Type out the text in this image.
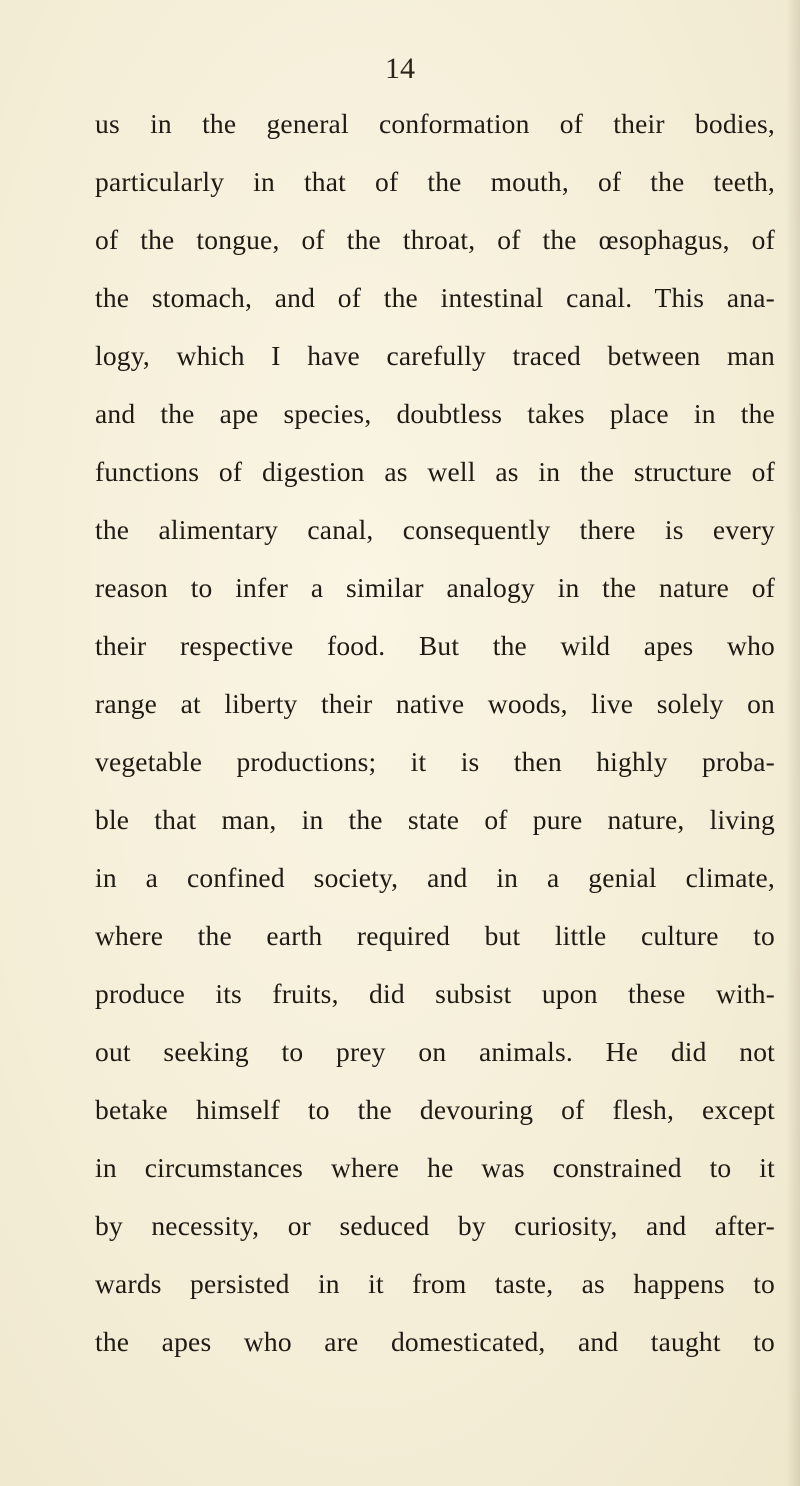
14
us in the general conformation of their bodies,
particularly in that of the mouth, of the teeth,
of the tongue, of the throat, of the œsophagus, of
the stomach, and of the intestinal canal. This ana-
logy, which I have carefully traced between man
and the ape species, doubtless takes place in the
functions of digestion as well as in the structure of
the alimentary canal, consequently there is every
reason to infer a similar analogy in the nature of
their respective food. But the wild apes who
range at liberty their native woods, live solely on
vegetable productions; it is then highly proba-
ble that man, in the state of pure nature, living
in a confined society, and in a genial climate,
where the earth required but little culture to
produce its fruits, did subsist upon these with-
out seeking to prey on animals. He did not
betake himself to the devouring of flesh, except
in circumstances where he was constrained to it
by necessity, or seduced by curiosity, and after-
wards persisted in it from taste, as happens to
the apes who are domesticated, and taught to
